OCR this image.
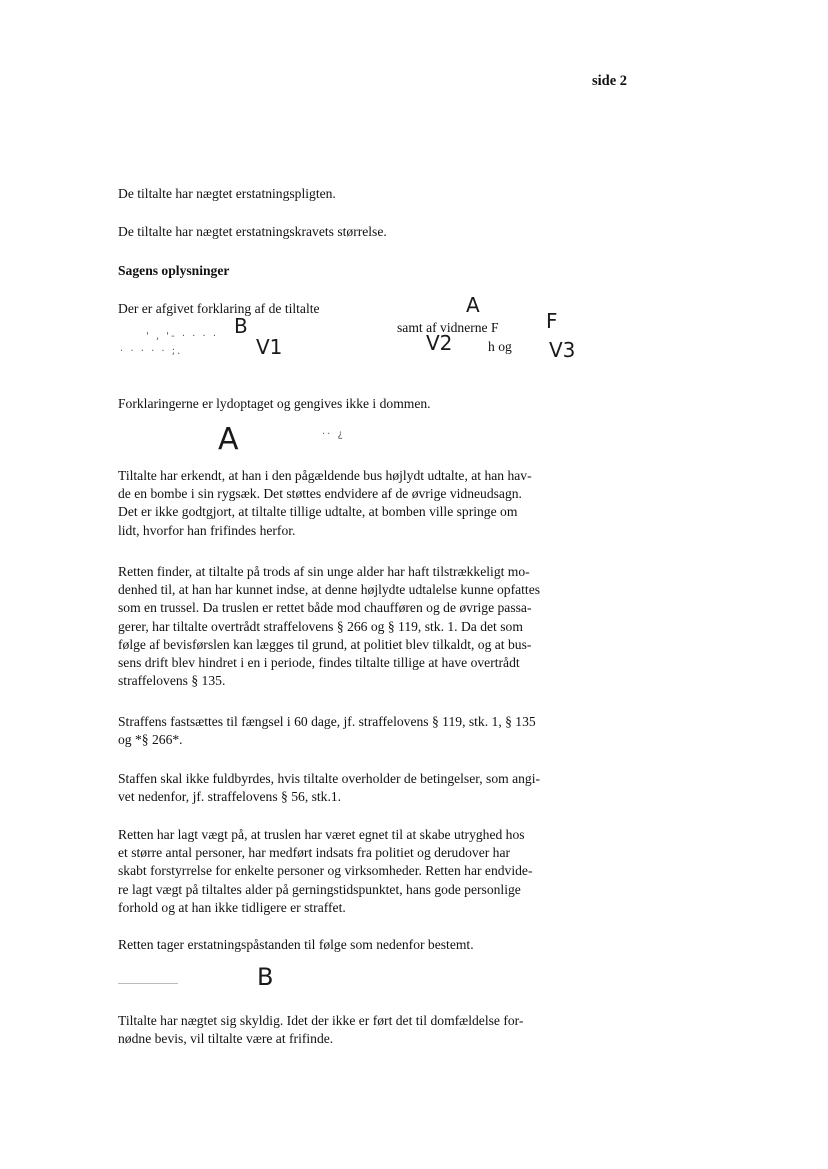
side 2

De tiltalte har nægtet erstatningspligten.

De tiltalte har nægtet erstatningskravets størrelse.

Sagens oplysninger

Der er afgivet forklaring af de tiltalte	A
F
B	samt af vidnerne F
V1	V2	h og V3
· · · · · ;.
' , '- · · · ·

Forklaringerne er lydoptaget og gengives ikke i dommen.

A	·· ¿
Tiltalte har erkendt, at han i den pågældende bus højlydt udtalte, at han hav-
de en bombe i sin rygsæk. Det støttes endvidere af de øvrige vidneudsagn.
Det er ikke godtgjort, at tiltalte tillige udtalte, at bomben ville springe om
lidt, hvorfor han frifindes herfor.
Retten finder, at tiltalte på trods af sin unge alder har haft tilstrækkeligt mo-
denhed til, at han har kunnet indse, at denne højlydte udtalelse kunne opfattes
som en trussel. Da truslen er rettet både mod chaufføren og de øvrige passa-
gerer, har tiltalte overtrådt straffelovens § 266 og § 119, stk. 1. Da det som
følge af bevisførslen kan lægges til grund, at politiet blev tilkaldt, og at bus-
sens drift blev hindret i en i periode, findes tiltalte tillige at have overtrådt
straffelovens § 135.
Straffens fastsættes til fængsel i 60 dage, jf. straffelovens § 119, stk. 1, § 135
og *§ 266*.
Staffen skal ikke fuldbyrdes, hvis tiltalte overholder de betingelser, som angi-
vet nedenfor, jf. straffelovens § 56, stk.1.
Retten har lagt vægt på, at truslen har været egnet til at skabe utryghed hos
et større antal personer, har medført indsats fra politiet og derudover har
skabt forstyrrelse for enkelte personer og virksomheder. Retten har endvide-
re lagt vægt på tiltaltes alder på gerningstidspunktet, hans gode personlige
forhold og at han ikke tidligere er straffet.

Retten tager erstatningspåstanden til følge som nedenfor bestemt.

B
Tiltalte har nægtet sig skyldig. Idet der ikke er ført det til domfældelse for-
nødne bevis, vil tiltalte være at frifinde.
